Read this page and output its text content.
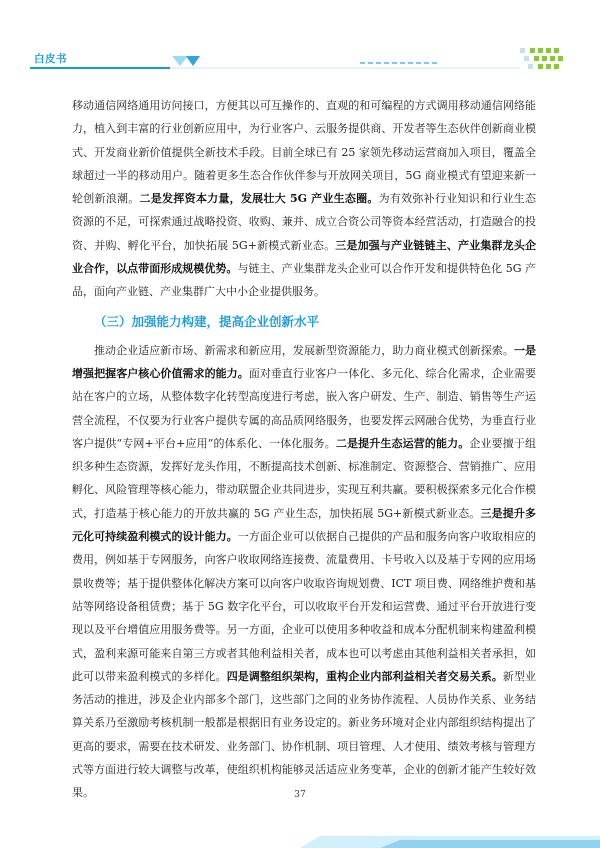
白皮书

移动通信网络通用访问接口，方便其以可互操作的、直观的和可编程的方式调用移动通信网络能力，植入到丰富的行业创新应用中，为行业客户、云服务提供商、开发者等生态伙伴创新商业模式、开发商业新价值提供全新技术手段。目前全球已有 25 家领先移动运营商加入项目，覆盖全球超过一半的移动用户。随着更多生态合作伙伴参与开放网关项目，5G 商业模式有望迎来新一轮创新浪潮。二是发挥资本力量，发展壮大 5G 产业生态圈。为有效弥补行业知识和行业生态资源的不足，可探索通过战略投资、收购、兼并、成立合资公司等资本经营活动，打造融合的投资、并购、孵化平台，加快拓展 5G+新模式新业态。三是加强与产业链链主、产业集群龙头企业合作，以点带面形成规模优势。与链主、产业集群龙头企业可以合作开发和提供特色化 5G 产品，面向产业链、产业集群广大中小企业提供服务。

（三）加强能力构建，提高企业创新水平

推动企业适应新市场、新需求和新应用，发展新型资源能力，助力商业模式创新探索。一是增强把握客户核心价值需求的能力。面对垂直行业客户一体化、多元化、综合化需求，企业需要站在客户的立场，从整体数字化转型高度进行考虑，嵌入客户研发、生产、制造、销售等生产运营全流程，不仅要为行业客户提供专属的高品质网络服务，也要发挥云网融合优势，为垂直行业客户提供“专网+平台+应用”的体系化、一体化服务。二是提升生态运营的能力。企业要擅于组织多种生态资源，发挥好龙头作用，不断提高技术创新、标准制定、资源整合、营销推广、应用孵化、风险管理等核心能力，带动联盟企业共同进步，实现互利共赢。要积极探索多元化合作模式，打造基于核心能力的开放共赢的 5G 产业生态，加快拓展 5G+新模式新业态。三是提升多元化可持续盈利模式的设计能力。一方面企业可以依据自己提供的产品和服务向客户收取相应的费用，例如基于专网服务，向客户收取网络连接费、流量费用、卡号收入以及基于专网的应用场景收费等；基于提供整体化解决方案可以向客户收取咨询规划费、ICT 项目费、网络维护费和基站等网络设备租赁费；基于 5G 数字化平台，可以收取平台开发和运营费、通过平台开放进行变现以及平台增值应用服务费等。另一方面，企业可以使用多种收益和成本分配机制来构建盈利模式，盈利来源可能来自第三方或者其他利益相关者，成本也可以考虑由其他利益相关者承担，如此可以带来盈利模式的多样化。四是调整组织架构，重构企业内部利益相关者交易关系。新型业务活动的推进，涉及企业内部多个部门，这些部门之间的业务协作流程、人员协作关系、业务结算关系乃至激励考核机制一般都是根据旧有业务设定的。新业务环境对企业内部组织结构提出了更高的要求，需要在技术研发、业务部门、协作机制、项目管理、人才使用、绩效考核与管理方式等方面进行较大调整与改革，使组织机构能够灵活适应业务变革，企业的创新才能产生较好效果。	37
